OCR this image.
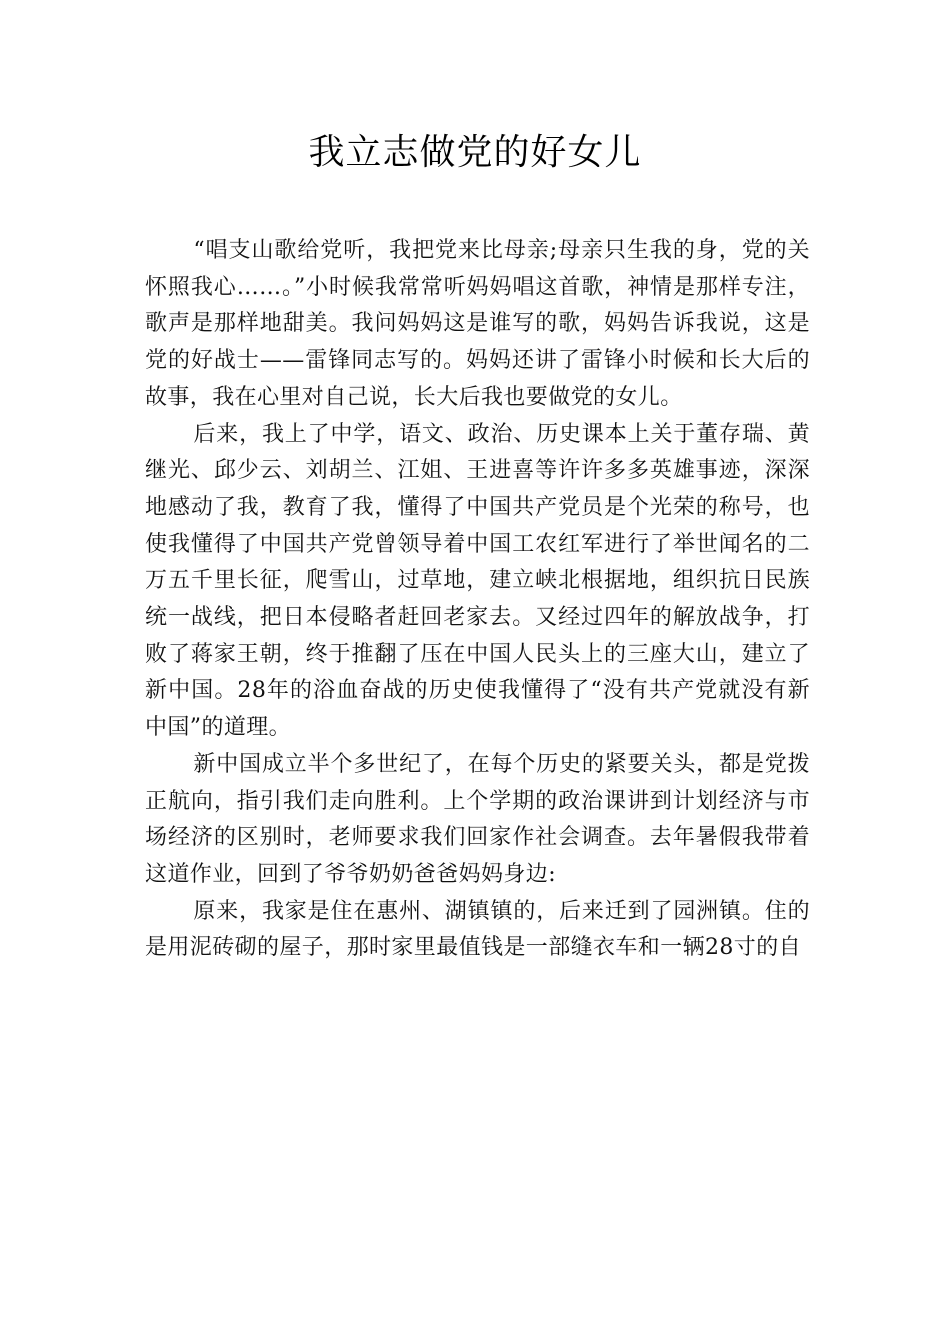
我立志做党的好女儿

“唱支山歌给党听，我把党来比母亲;母亲只生我的身，党的关怀照我心……。”小时候我常常听妈妈唱这首歌，神情是那样专注，歌声是那样地甜美。我问妈妈这是谁写的歌，妈妈告诉我说，这是党的好战士——雷锋同志写的。妈妈还讲了雷锋小时候和长大后的故事，我在心里对自己说，长大后我也要做党的女儿。

后来，我上了中学，语文、政治、历史课本上关于董存瑞、黄继光、邱少云、刘胡兰、江姐、王进喜等许许多多英雄事迹，深深地感动了我，教育了我，懂得了中国共产党员是个光荣的称号，也使我懂得了中国共产党曾领导着中国工农红军进行了举世闻名的二万五千里长征，爬雪山，过草地，建立峡北根据地，组织抗日民族统一战线，把日本侵略者赶回老家去。又经过四年的解放战争，打败了蒋家王朝，终于推翻了压在中国人民头上的三座大山，建立了新中国。28年的浴血奋战的历史使我懂得了“没有共产党就没有新中国”的道理。

新中国成立半个多世纪了，在每个历史的紧要关头，都是党拨正航向，指引我们走向胜利。上个学期的政治课讲到计划经济与市场经济的区别时，老师要求我们回家作社会调查。去年暑假我带着这道作业，回到了爷爷奶奶爸爸妈妈身边:

原来，我家是住在惠州、湖镇镇的，后来迁到了园洲镇。住的是用泥砖砌的屋子，那时家里最值钱是一部缝衣车和一辆28寸的自
